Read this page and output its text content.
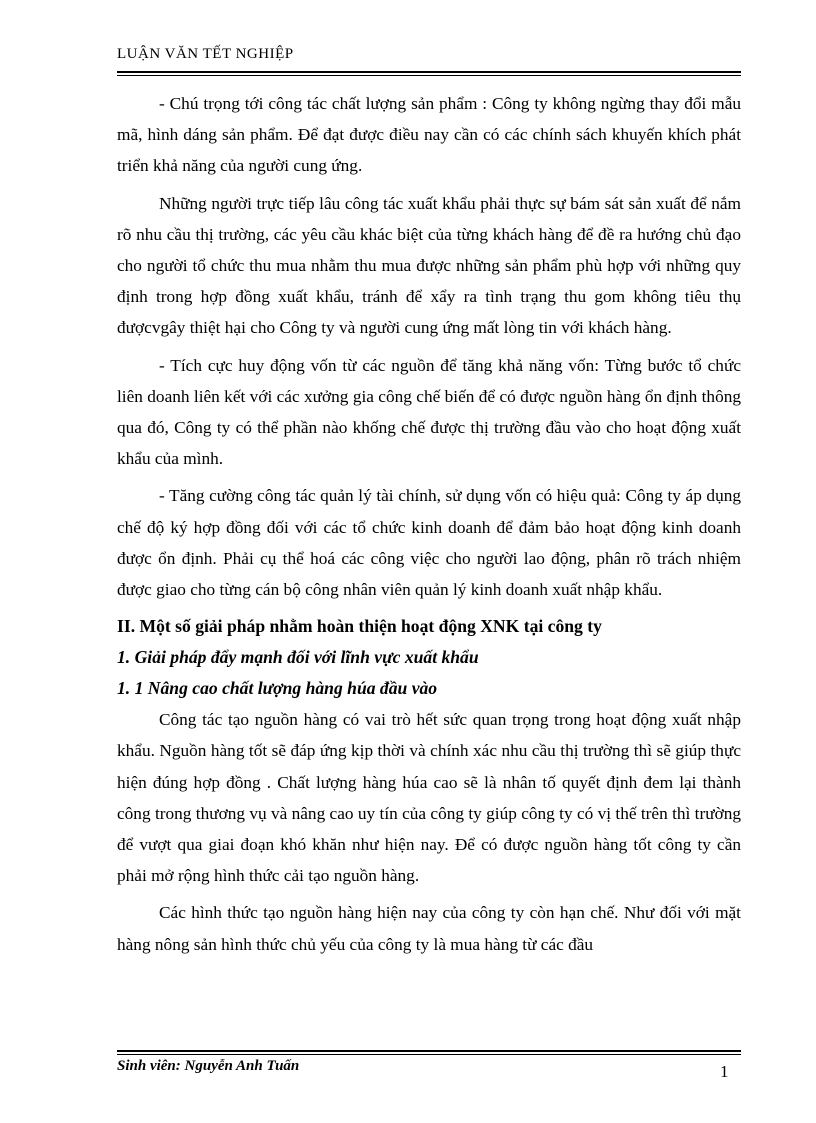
LUẬN VĂN TẾT NGHIỆP

- Chú trọng tới công tác chất lượng sản phẩm : Công ty không ngừng thay đổi mẫu mã, hình dáng sản phẩm. Để đạt được điều nay cần có các chính sách khuyến khích phát triển khả năng của người cung ứng.

Những người trực tiếp lâu công tác xuất khẩu phải thực sự bám sát sản xuất để nắm rõ nhu cầu thị trường, các yêu cầu khác biệt của từng khách hàng để đề ra hướng chủ đạo cho người tổ chức thu mua nhằm thu mua được những sản phẩm phù hợp với những quy định trong hợp đồng xuất khẩu, tránh để xẩy ra tình trạng thu gom không tiêu thụ đượcvgây thiệt hại cho Công ty và người cung ứng mất lòng tin với khách hàng.

- Tích cực huy động vốn từ các nguồn để tăng khả năng vốn: Từng bước tổ chức liên doanh liên kết với các xưởng gia công chế biến để có được nguồn hàng ổn định thông qua đó, Công ty có thể phần nào khống chế được thị trường đầu vào cho hoạt động xuất khẩu của mình.

- Tăng cường công tác quản lý tài chính, sử dụng vốn có hiệu quả: Công ty áp dụng chế độ ký hợp đồng đối với các tổ chức kinh doanh để đảm bảo hoạt động kinh doanh được ổn định. Phải cụ thể hoá các công việc cho người lao động, phân rõ trách nhiệm được giao cho từng cán bộ công nhân viên quản lý kinh doanh xuất nhập khẩu.

II. Một số giải pháp nhằm hoàn thiện hoạt động XNK tại công ty

1. Giải pháp đẩy mạnh đối với lĩnh vực xuất khẩu

1. 1 Nâng cao chất lượng hàng húa đầu vào

Công tác tạo nguồn hàng có vai trò hết sức quan trọng trong hoạt động xuất nhập khẩu. Nguồn hàng tốt sẽ đáp ứng kịp thời và chính xác nhu cầu thị trường thì sẽ giúp thực hiện đúng hợp đồng . Chất lượng hàng húa cao sẽ là nhân tố quyết định đem lại thành công trong thương vụ và nâng cao uy tín của công ty giúp công ty có vị thế trên thì trường để vượt qua giai đoạn khó khăn như hiện nay. Để có được nguồn hàng tốt công ty cần phải mở rộng hình thức cải tạo nguồn hàng.

Các hình thức tạo nguồn hàng hiện nay của công ty còn hạn chế. Như đối với mặt hàng nông sản hình thức chủ yếu của công ty là mua hàng từ các đầu

Sinh viên: Nguyễn Anh Tuấn	1
